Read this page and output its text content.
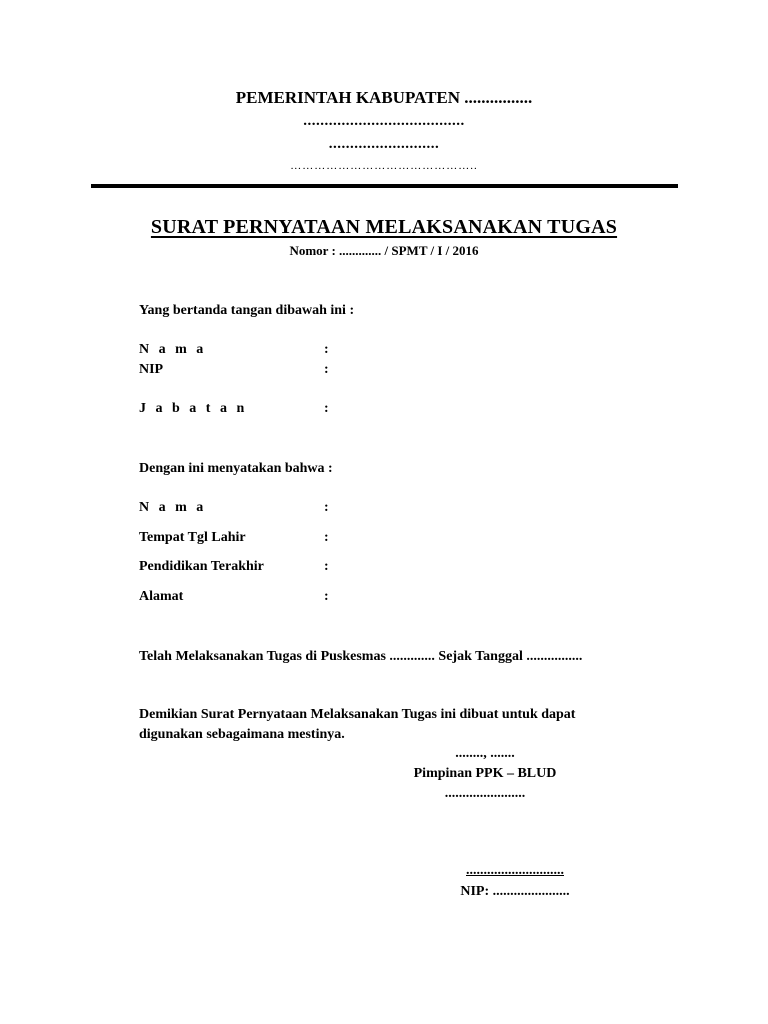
PEMERINTAH KABUPATEN ................
......................................
..........................
………………………………………..
SURAT PERNYATAAN MELAKSANAKAN TUGAS
Nomor : ............. / SPMT / I / 2016
Yang bertanda tangan dibawah ini :
N a m a	:
NIP	:
J a b a t a n	:
Dengan ini menyatakan bahwa :
N a m a	:
Tempat Tgl Lahir	:
Pendidikan Terakhir	:
Alamat	:
Telah Melaksanakan Tugas di Puskesmas ............. Sejak Tanggal ................
Demikian Surat Pernyataan Melaksanakan Tugas ini dibuat untuk dapat
digunakan sebagaimana mestinya.
........, .......
Pimpinan PPK – BLUD
.......................
............................
NIP: ......................
